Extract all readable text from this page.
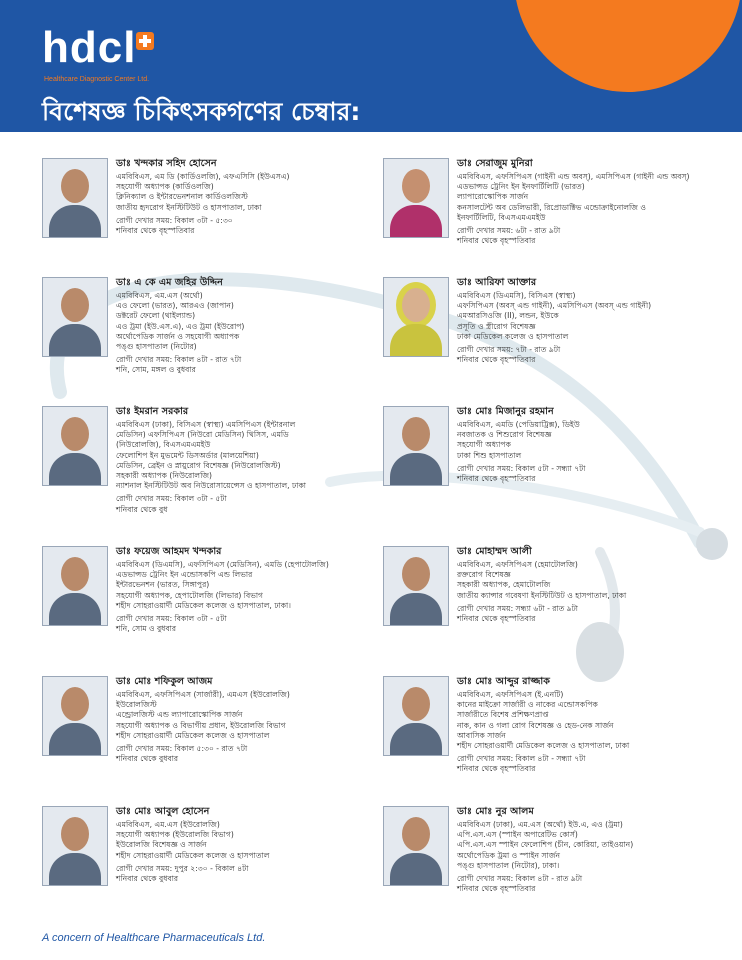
hdcl
Healthcare Diagnostic Center Ltd.
বিশেষজ্ঞ চিকিৎসকগণের চেম্বার:
ডাঃ খন্দকার সহিদ হোসেন
এমবিবিএস, এম ডি (কার্ডিওলজি), এফএসিসি (ইউএসএ)
সহযোগী অধ্যাপক (কার্ডিওলজি)
ক্লিনিক্যাল ও ইন্টারভেনশনাল কার্ডিওলজিস্ট
জাতীয় হৃদরোগ ইনস্টিটিউট ও হাসপাতাল, ঢাকা
রোগী দেখার সময়: বিকাল ৩টা - ৫:৩০
শনিবার থেকে বৃহস্পতিবার
ডাঃ সেরাজুম মুনিরা
এমবিবিএস, এফসিপিএস (গাইনী এন্ড অবস্), এমসিপিএস (গাইনী এন্ড অবস্)
এডভান্সড ট্রেনিং ইন ইনফার্টিলিটি (ভারত)
ল্যাপারোস্কোপিক সার্জন
কনসালটেন্ট অব ডেলিভারী, রিপ্রোডাক্টিভ এন্ডোক্রাইনোলজি ও
ইনফার্টিলিটি, বিএসএমএমইউ
রোগী দেখার সময়: ৬টা - রাত ৯টা
শনিবার থেকে বৃহস্পতিবার
ডাঃ এ কে এম জহির উদ্দিন
এমবিবিএস, এম.এস (অর্থো)
এও ফেলো (ভারত), আরএও (জাপান)
ডক্টরেট ফেলো (থাইল্যান্ড)
এও ট্রমা (ইউ.এস.এ), এও ট্রমা (ইউরোপ)
অর্থোপেডিক সার্জন ও সহযোগী অধ্যাপক
পঙ্গু হাসপাতাল (নিটোর)
রোগী দেখার সময়: বিকাল ৪টা - রাত ৭টা
শনি, সোম, মঙ্গল ও বুধবার
ডাঃ আরিফা আক্তার
এমবিবিএস (ডিএমসি), বিসিএস (স্বাস্থ্য)
এফসিপিএস (অবস্ এন্ড গাইনী), এমসিপিএস (অবস্ এন্ড গাইনী)
এমআরসিওজি (II), লন্ডন, ইউকে
প্রসূতি ও স্ত্রীরোগ বিশেষজ্ঞ
ঢাকা মেডিকেল কলেজ ও হাসপাতাল
রোগী দেখার সময়: ৭টা - রাত ৯টা
শনিবার থেকে বৃহস্পতিবার
ডাঃ ইমরান সরকার
এমবিবিএস (ঢাকা), বিসিএস (স্বাস্থ্য) এমসিপিএস (ইন্টারনাল
মেডিসিন) এফসিপিএস (নিউরো মেডিসিন) থিসিস, এমডি
(নিউরোলজি), বিএসএমএমইউ
ফেলোশিপ ইন মুভমেন্ট ডিসঅর্ডার (মালয়েশিয়া)
মেডিসিন, ব্রেইন ও স্নায়ুরোগ বিশেষজ্ঞ (নিউরোলজিস্ট)
সহকারী অধ্যাপক (নিউরোলজি)
ন্যাশনাল ইনস্টিটিউট অব নিউরোসায়েন্সেস ও হাসপাতাল, ঢাকা
রোগী দেখার সময়: বিকাল ৩টা - ৫টা
শনিবার থেকে বুধ
ডাঃ মোঃ মিজানুর রহমান
এমবিবিএস, এমডি (পেডিয়াট্রিক্স), ডিইউ
নবজাতক ও শিশুরোগ বিশেষজ্ঞ
সহযোগী অধ্যাপক
ঢাকা শিশু হাসপাতাল
রোগী দেখার সময়: বিকাল ৫টা - সন্ধ্যা ৭টা
শনিবার থেকে বৃহস্পতিবার
ডাঃ ফয়েজ আহমদ খন্দকার
এমবিবিএস (ডিএমসি), এফসিপিএস (মেডিসিন), এমডি (হেপাটোলজি)
এডভান্সড ট্রেনিং ইন এন্ডোসকপি এন্ড লিভার
ইন্টারভেনশন (ভারত, সিঙ্গাপুর)
সহযোগী অধ্যাপক, হেপাটোলজি (লিভার) বিভাগ
শহীদ সোহরাওয়ার্দী মেডিকেল কলেজ ও হাসপাতাল, ঢাকা।
রোগী দেখার সময়: বিকাল ৩টা - ৫টা
শনি, সোম ও বুধবার
ডাঃ মোহাম্মদ আলী
এমবিবিএস, এফসিপিএস (হেমাটোলজি)
রক্তরোগ বিশেষজ্ঞ
সহকারী অধ্যাপক, হেমাটোলজি
জাতীয় ক্যান্সার গবেষণা ইনস্টিটিউট ও হাসপাতাল, ঢাকা
রোগী দেখার সময়: সন্ধ্যা ৬টা - রাত ৯টা
শনিবার থেকে বৃহস্পতিবার
ডাঃ মোঃ শফিকুল আজম
এমবিবিএস, এফসিপিএস (সার্জারী), এমএস (ইউরোলজি)
ইউরোলজিস্ট
এন্ড্রোলজিস্ট এন্ড ল্যাপারোস্কোপিক সার্জন
সহযোগী অধ্যাপক ও বিভাগীয় প্রধান, ইউরোলজি বিভাগ
শহীদ সোহরাওয়ার্দী মেডিকেল কলেজ ও হাসপাতাল
রোগী দেখার সময়: বিকাল ৫:৩০ - রাত ৭টা
শনিবার থেকে বুধবার
ডাঃ মোঃ আব্দুর রাজ্জাক
এমবিবিএস, এফসিপিএস (ই.এনটি)
কানের মাইক্রো সার্জারী ও নাকের এন্ডোসকপিক
সার্জারীতে বিশেষ প্রশিক্ষণপ্রাপ্ত
নাক, কান ও গলা রোগ বিশেষজ্ঞ ও হেড-নেক সার্জন
আবাসিক সার্জন
শহীদ সোহরাওয়ার্দী মেডিকেল কলেজ ও হাসপাতাল, ঢাকা
রোগী দেখার সময়: বিকাল ৪টা - সন্ধ্যা ৭টা
শনিবার থেকে বৃহস্পতিবার
ডাঃ মোঃ আবুল হোসেন
এমবিবিএস, এম.এস (ইউরোলজি)
সহযোগী অধ্যাপক (ইউরোলজি বিভাগ)
ইউরোলজি বিশেষজ্ঞ ও সার্জন
শহীদ সোহরাওয়ার্দী মেডিকেল কলেজ ও হাসপাতাল
রোগী দেখার সময়: দুপুর ২:৩০ - বিকাল ৪টা
শনিবার থেকে বুধবার
ডাঃ মোঃ নুর আলম
এমবিবিএস (ঢাকা), এম.এস (অর্থো) ইউ.এ, এও (ট্রমা)
এপি.এস.এস (স্পাইন অপারেটিভ কোর্স)
এপি.এস.এস স্পাইন ফেলোশিপ (চীন, কোরিয়া, তাইওয়ান)
অর্থোপেডিক ট্রমা ও স্পাইন সার্জন
পঙ্গু হাসপাতাল (নিটোর), ঢাকা।
রোগী দেখার সময়: বিকাল ৪টা - রাত ৯টা
শনিবার থেকে বৃহস্পতিবার
A concern of Healthcare Pharmaceuticals Ltd.
